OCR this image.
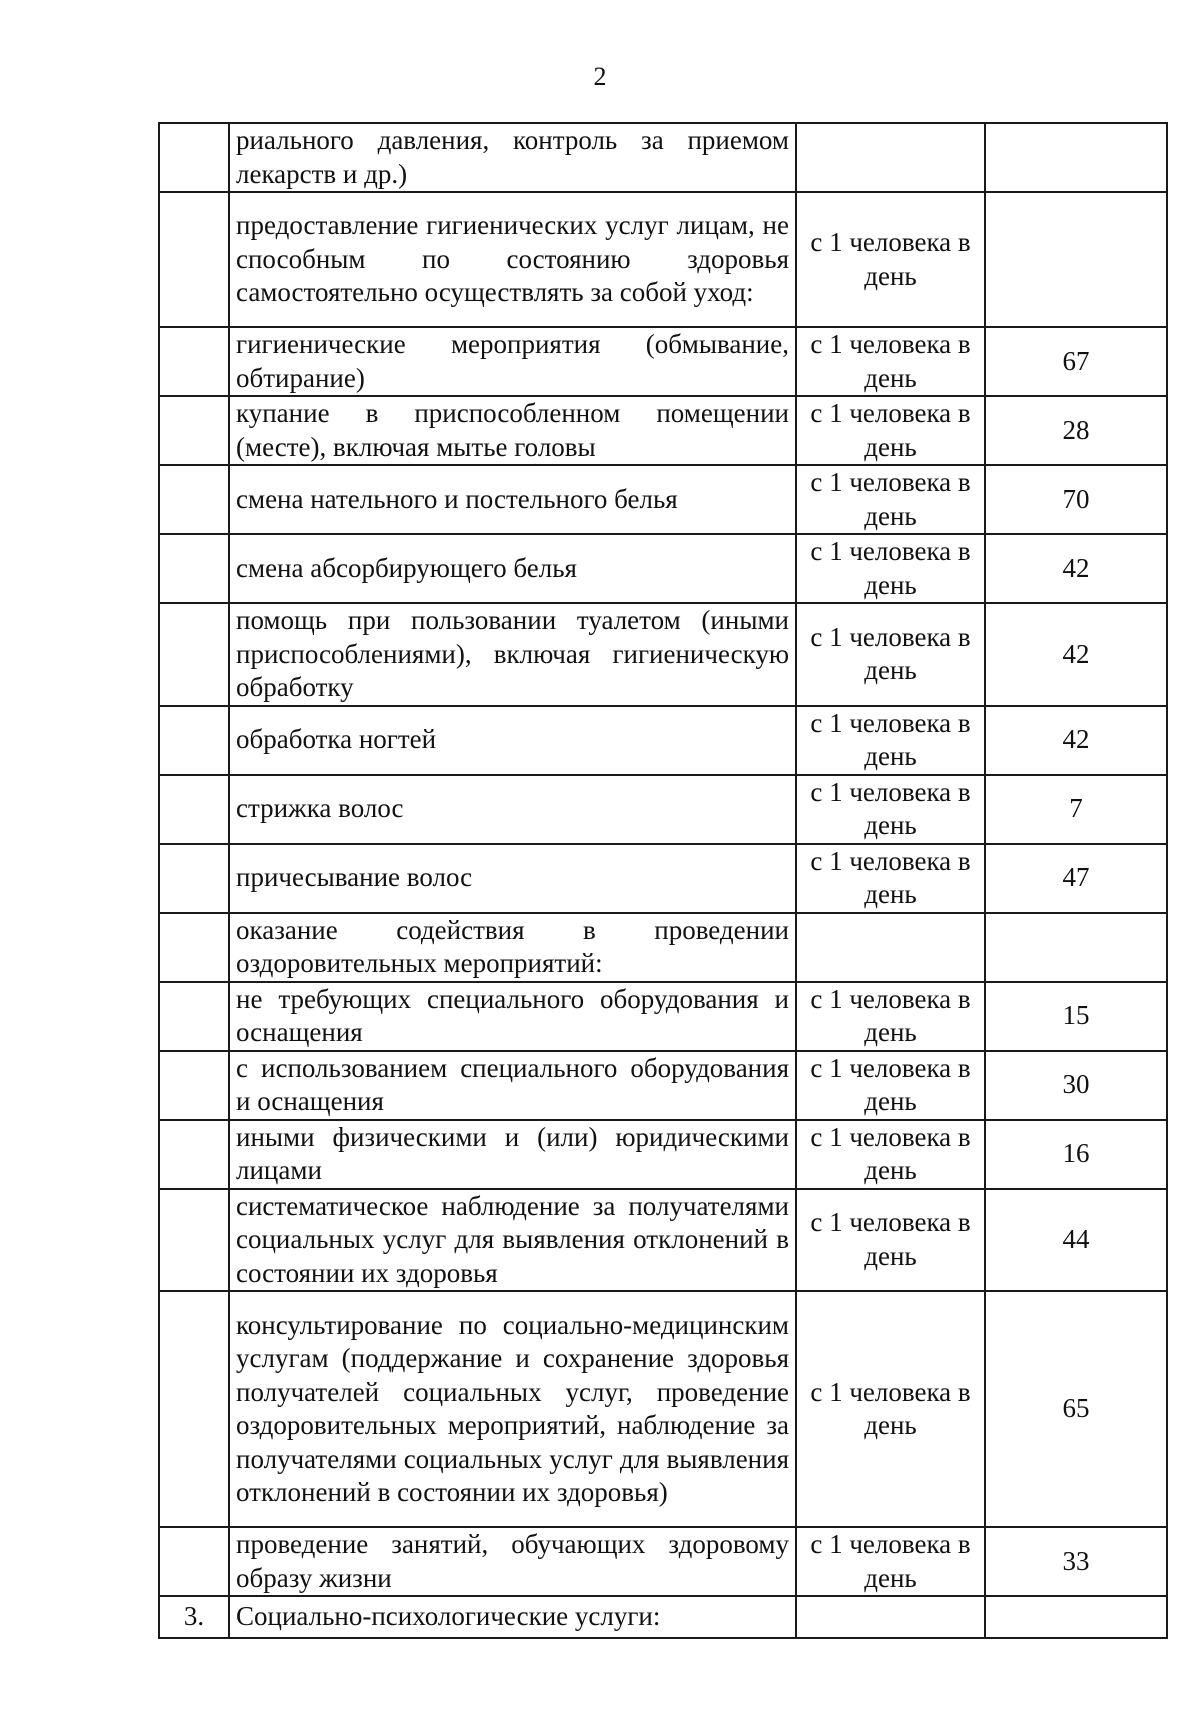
2
	риального давления, контроль за приемом лекарств и др.)		
	предоставление гигиенических услуг лицам, не способным по состоянию здоровья самостоятельно осуществлять за собой уход:	с 1 человека в день	
	гигиенические мероприятия (обмывание, обтирание)	с 1 человека в день	67
	купание в приспособленном помещении (месте), включая мытье головы	с 1 человека в день	28
	смена нательного и постельного белья	с 1 человека в день	70
	смена абсорбирующего белья	с 1 человека в день	42
	помощь при пользовании туалетом (иными приспособлениями), включая гигиеническую обработку	с 1 человека в день	42
	обработка ногтей	с 1 человека в день	42
	стрижка волос	с 1 человека в день	7
	причесывание волос	с 1 человека в день	47
	оказание содействия в проведении оздоровительных мероприятий:		
	не требующих специального оборудования и оснащения	с 1 человека в день	15
	с использованием специального оборудования и оснащения	с 1 человека в день	30
	иными физическими и (или) юридическими лицами	с 1 человека в день	16
	систематическое наблюдение за получателями социальных услуг для выявления отклонений в состоянии их здоровья	с 1 человека в день	44
	консультирование по социально-медицинским услугам (поддержание и сохранение здоровья получателей социальных услуг, проведение оздоровительных мероприятий, наблюдение за получателями социальных услуг для выявления отклонений в состоянии их здоровья)	с 1 человека в день	65
	проведение занятий, обучающих здоровому образу жизни	с 1 человека в день	33
3.	Социально-психологические услуги:		
